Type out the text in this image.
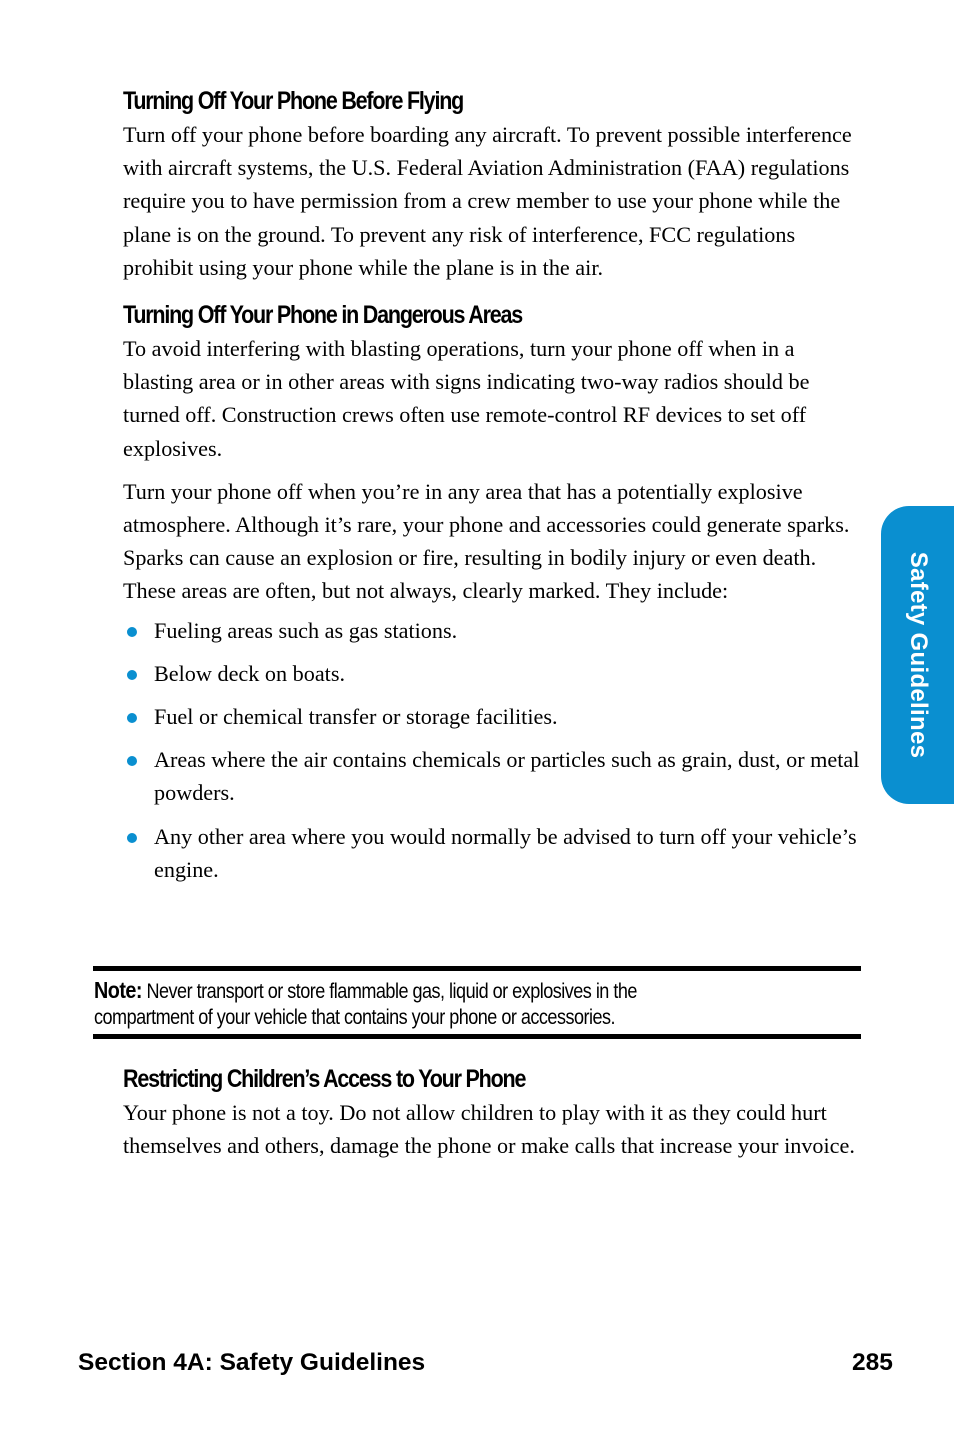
Turning Off Your Phone Before Flying

Turn off your phone before boarding any aircraft. To prevent possible interference with aircraft systems, the U.S. Federal Aviation Administration (FAA) regulations require you to have permission from a crew member to use your phone while the plane is on the ground. To prevent any risk of interference, FCC regulations prohibit using your phone while the plane is in the air.

Turning Off Your Phone in Dangerous Areas

To avoid interfering with blasting operations, turn your phone off when in a blasting area or in other areas with signs indicating two-way radios should be turned off. Construction crews often use remote-control RF devices to set off explosives.

Turn your phone off when you’re in any area that has a potentially explosive atmosphere. Although it’s rare, your phone and accessories could generate sparks. Sparks can cause an explosion or fire, resulting in bodily injury or even death. These areas are often, but not always, clearly marked. They include:

Fueling areas such as gas stations.
Below deck on boats.
Fuel or chemical transfer or storage facilities.
Areas where the air contains chemicals or particles such as grain, dust, or metal powders.
Any other area where you would normally be advised to turn off your vehicle’s engine.
Note: Never transport or store flammable gas, liquid or explosives in the
compartment of your vehicle that contains your phone or accessories.
Restricting Children’s Access to Your Phone

Your phone is not a toy. Do not allow children to play with it as they could hurt themselves and others, damage the phone or make calls that increase your invoice.

Safety Guidelines
Section 4A: Safety Guidelines	285
